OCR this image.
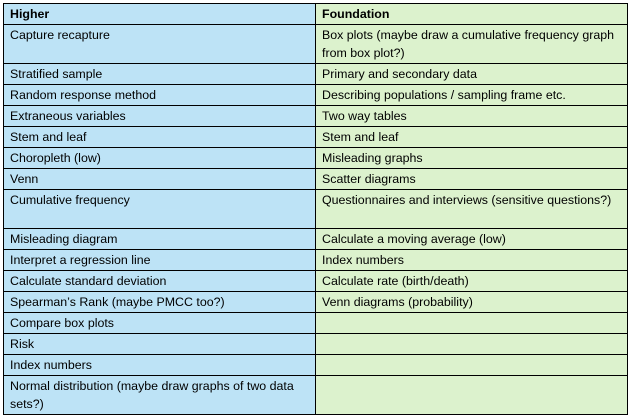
Higher	Foundation
Capture recapture	Box plots (maybe draw a cumulative frequency graph from box plot?)
Stratified sample	Primary and secondary data
Random response method	Describing populations / sampling frame etc.
Extraneous variables	Two way tables
Stem and leaf	Stem and leaf
Choropleth (low)	Misleading graphs
Venn	Scatter diagrams
Cumulative frequency	Questionnaires and interviews (sensitive questions?)
Misleading diagram	Calculate a moving average (low)
Interpret a regression line	Index numbers
Calculate standard deviation	Calculate rate (birth/death)
Spearman’s Rank (maybe PMCC too?)	Venn diagrams (probability)
Compare box plots	
Risk	
Index numbers	
Normal distribution (maybe draw graphs of two data sets?)	
